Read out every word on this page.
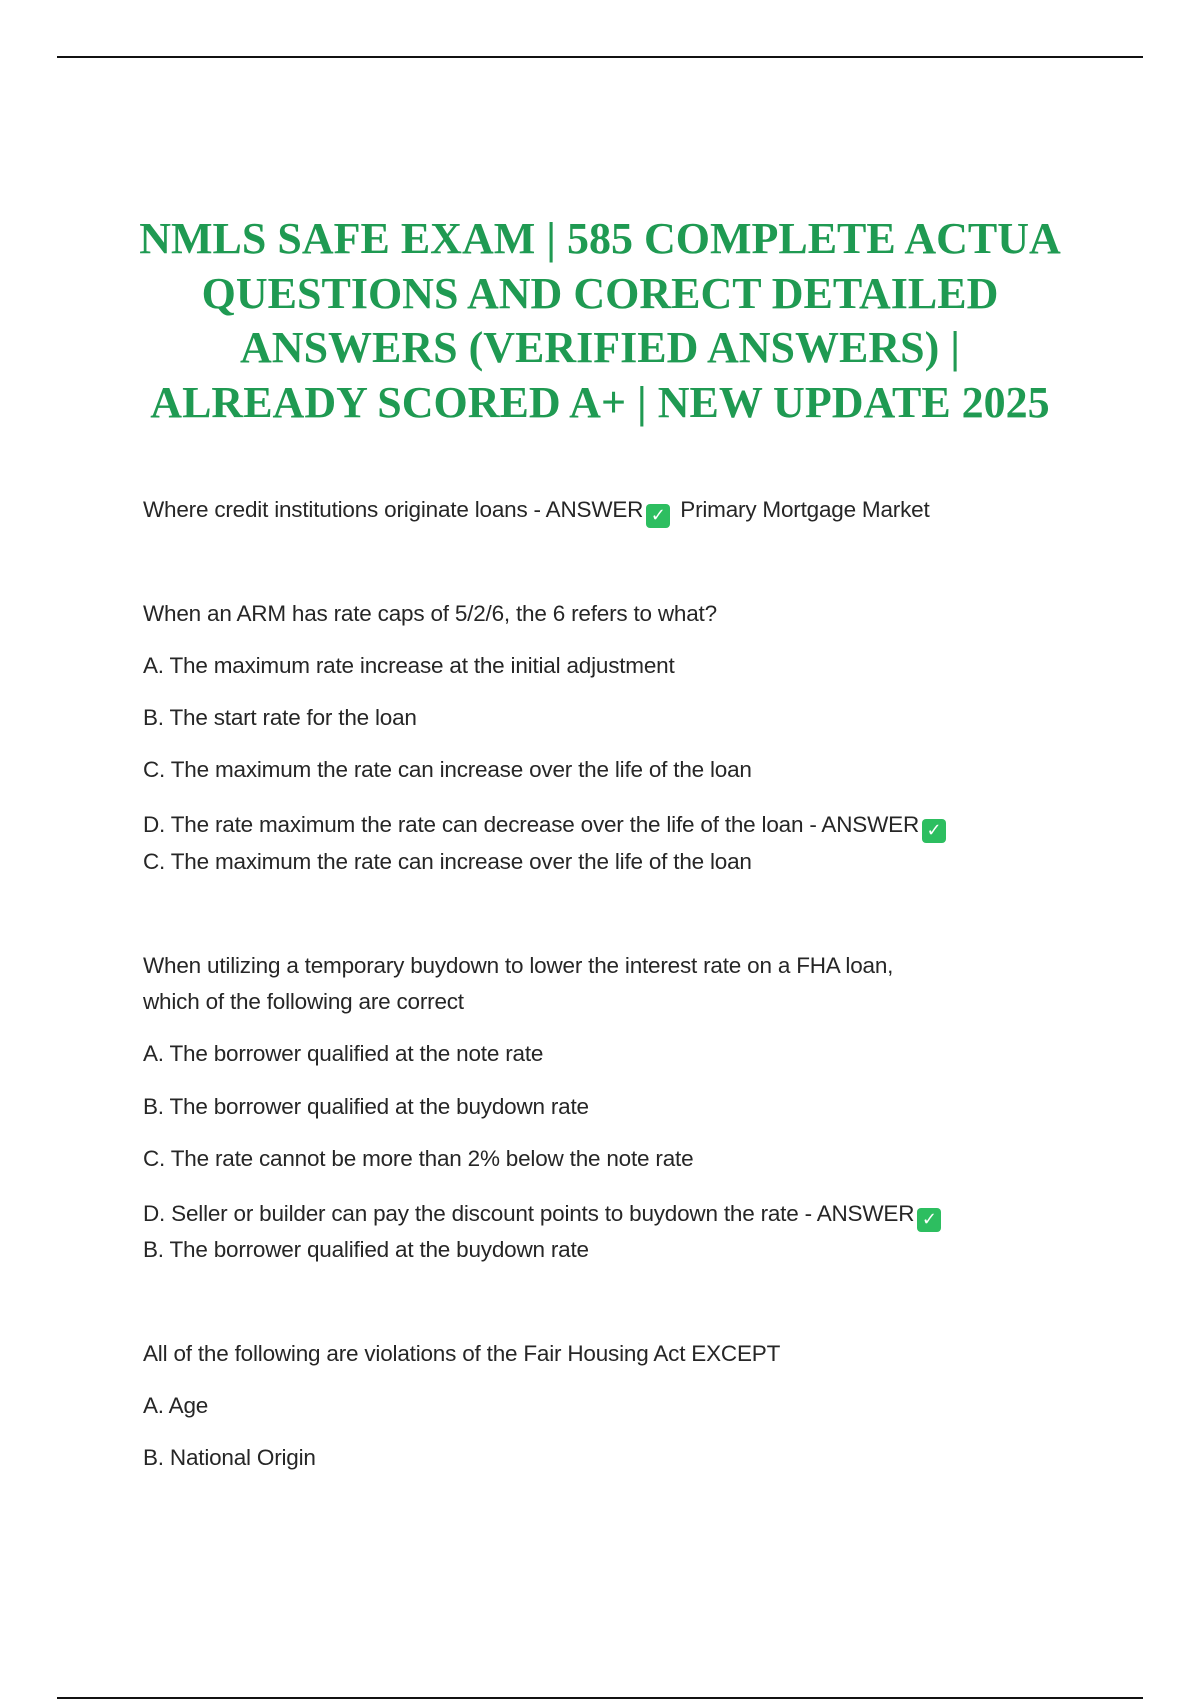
NMLS SAFE EXAM | 585 COMPLETE ACTUA
QUESTIONS AND CORECT DETAILED
ANSWERS (VERIFIED ANSWERS) |
ALREADY SCORED A+ | NEW UPDATE 2025
Where credit institutions originate loans - ANSWER ✓ Primary Mortgage Market
When an ARM has rate caps of 5/2/6, the 6 refers to what?
A. The maximum rate increase at the initial adjustment
B. The start rate for the loan
C. The maximum the rate can increase over the life of the loan
D. The rate maximum the rate can decrease over the life of the loan - ANSWER ✓
C. The maximum the rate can increase over the life of the loan
When utilizing a temporary buydown to lower the interest rate on a FHA loan,
which of the following are correct
A. The borrower qualified at the note rate
B. The borrower qualified at the buydown rate
C. The rate cannot be more than 2% below the note rate
D. Seller or builder can pay the discount points to buydown the rate - ANSWER ✓
B. The borrower qualified at the buydown rate
All of the following are violations of the Fair Housing Act EXCEPT
A. Age
B. National Origin
